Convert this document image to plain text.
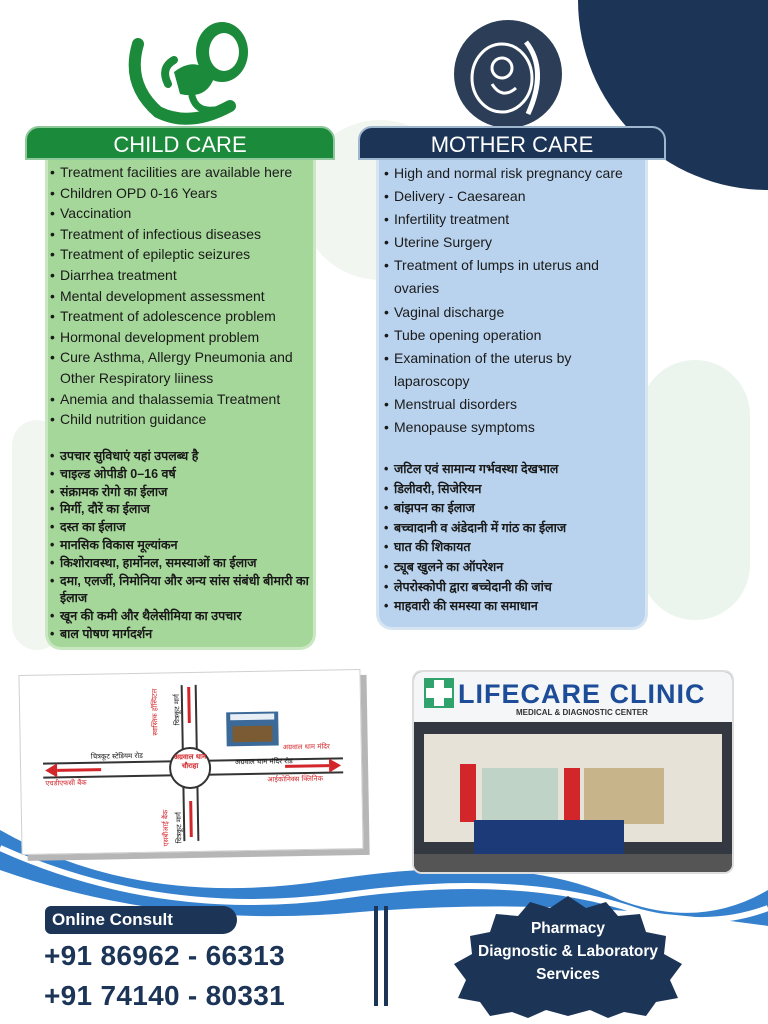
CHILD CARE
• Treatment facilities are available here
• Children OPD 0-16 Years
• Vaccination
• Treatment of infectious diseases
• Treatment of epileptic seizures
• Diarrhea treatment
• Mental development assessment
• Treatment of adolescence problem
• Hormonal development problem
• Cure Asthma, Allergy Pneumonia and Other Respiratory liiness
• Anemia and thalassemia Treatment
• Child nutrition guidance
• उपचार सुविधाएं यहां उपलब्ध है
• चाइल्ड ओपीडी 0–16 वर्ष
• संक्रामक रोगो का ईलाज
• मिर्गी, दौरें का ईलाज
• दस्त का ईलाज
• मानसिक विकास मूल्यांकन
• किशोरावस्था, हार्मोनल, समस्याओं का ईलाज
• दमा, एलर्जी, निमोनिया और अन्य सांस संबंधी बीमारी का ईलाज
• खून की कमी और थैलेसीमिया का उपचार
• बाल पोषण मार्गदर्शन
MOTHER CARE
• High and normal risk pregnancy care
• Delivery - Caesarean
• Infertility treatment
• Uterine Surgery
• Treatment of lumps in uterus and ovaries
• Vaginal discharge
• Tube opening operation
• Examination of the uterus by laparoscopy
• Menstrual disorders
• Menopause symptoms
• जटिल एवं सामान्य गर्भवस्था देखभाल
• डिलीवरी, सिजेरियन
• बांझपन का ईलाज
• बच्चादानी व अंडेदानी में गांठ का ईलाज
• घात की शिकायत
• ट्यूब खुलने का ऑपरेशन
• लेपरोस्कोपी द्वारा बच्चेदानी की जांच
• माहवारी की समस्या का समाधान
अग्रवाल धाम चौराहा
चित्रकूट स्टेडियम रोड
अग्रवाल धाम मंदिर रोड
एचडीएफसी बैंक
अग्रवाल धाम मंदिर
आईकोनिक्स क्लिनिक
चित्रकूट मार्ग
चित्रकूट मार्ग
स्वास्तिक हॉस्पिटल
एसबीआई बैंक
LIFECARE CLINIC
MEDICAL & DIAGNOSTIC CENTER
Online Consult
+91 86962 - 66313
+91 74140 - 80331
Pharmacy
Diagnostic & Laboratory
Services
